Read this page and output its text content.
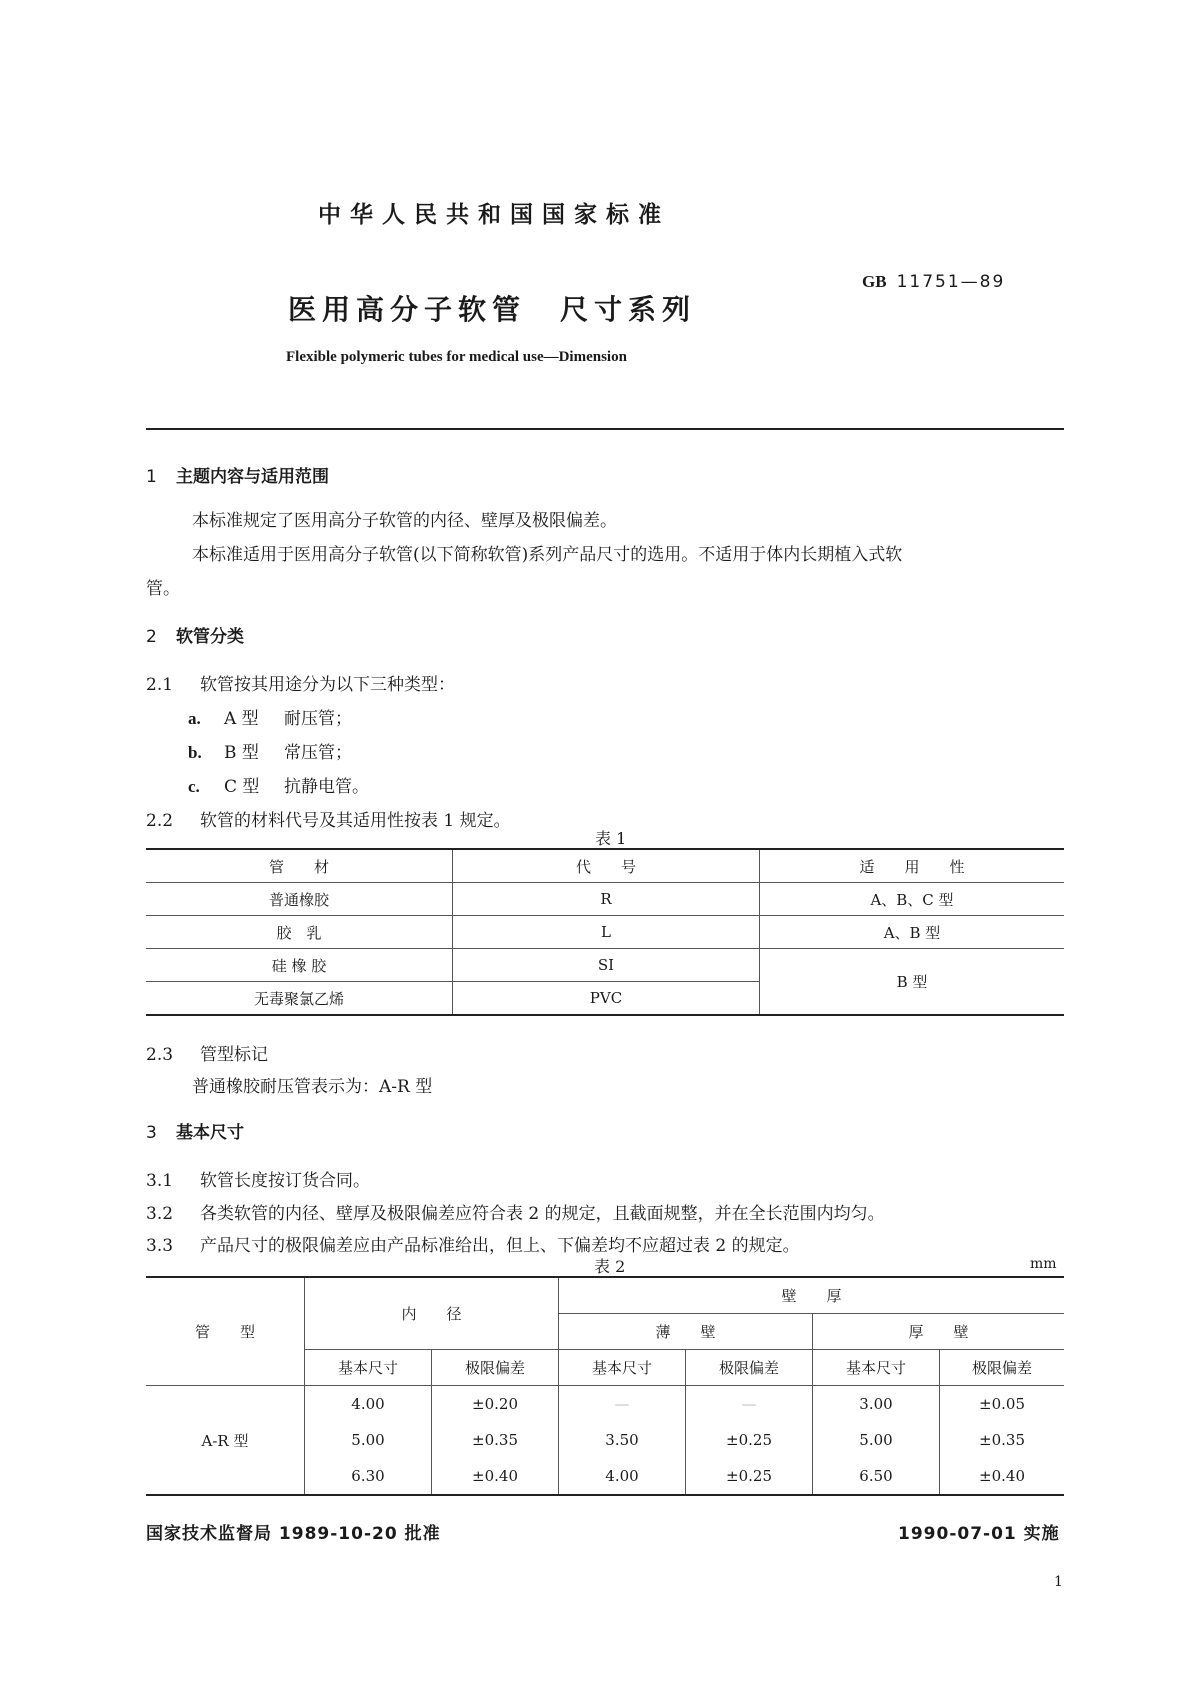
中华人民共和国国家标准
医用高分子软管　尺寸系列
GB 11751—89
Flexible polymeric tubes for medical use—Dimension
1 主题内容与适用范围
本标准规定了医用高分子软管的内径、壁厚及极限偏差。
本标准适用于医用高分子软管(以下简称软管)系列产品尺寸的选用。不适用于体内长期植入式软
管。
2 软管分类
2.1 软管按其用途分为以下三种类型：
a. A 型 耐压管；
b. B 型 常压管；
c. C 型 抗静电管。
2.2 软管的材料代号及其适用性按表 1 规定。
表 1
管　　材	代　　号	适　　用　　性
普通橡胶	R	A、B、C 型
胶　乳	L	A、B 型
硅 橡 胶	SI	B 型
无毒聚氯乙烯	PVC	
2.3 管型标记
普通橡胶耐压管表示为：A-R 型
3 基本尺寸
3.1 软管长度按订货合同。
3.2 各类软管的内径、壁厚及极限偏差应符合表 2 的规定，且截面规整，并在全长范围内均匀。
3.3 产品尺寸的极限偏差应由产品标准给出，但上、下偏差均不应超过表 2 的规定。
表 2	mm
管　　型	内　　径		壁　　厚			
			薄　　壁		厚　　壁	
	基本尺寸	极限偏差	基本尺寸	极限偏差	基本尺寸	极限偏差
A-R 型	4.00	±0.20	—	—	3.00	±0.05
	5.00	±0.35	3.50	±0.25	5.00	±0.35
	6.30	±0.40	4.00	±0.25	6.50	±0.40
国家技术监督局 1989-10-20 批准	1990-07-01 实施
1
